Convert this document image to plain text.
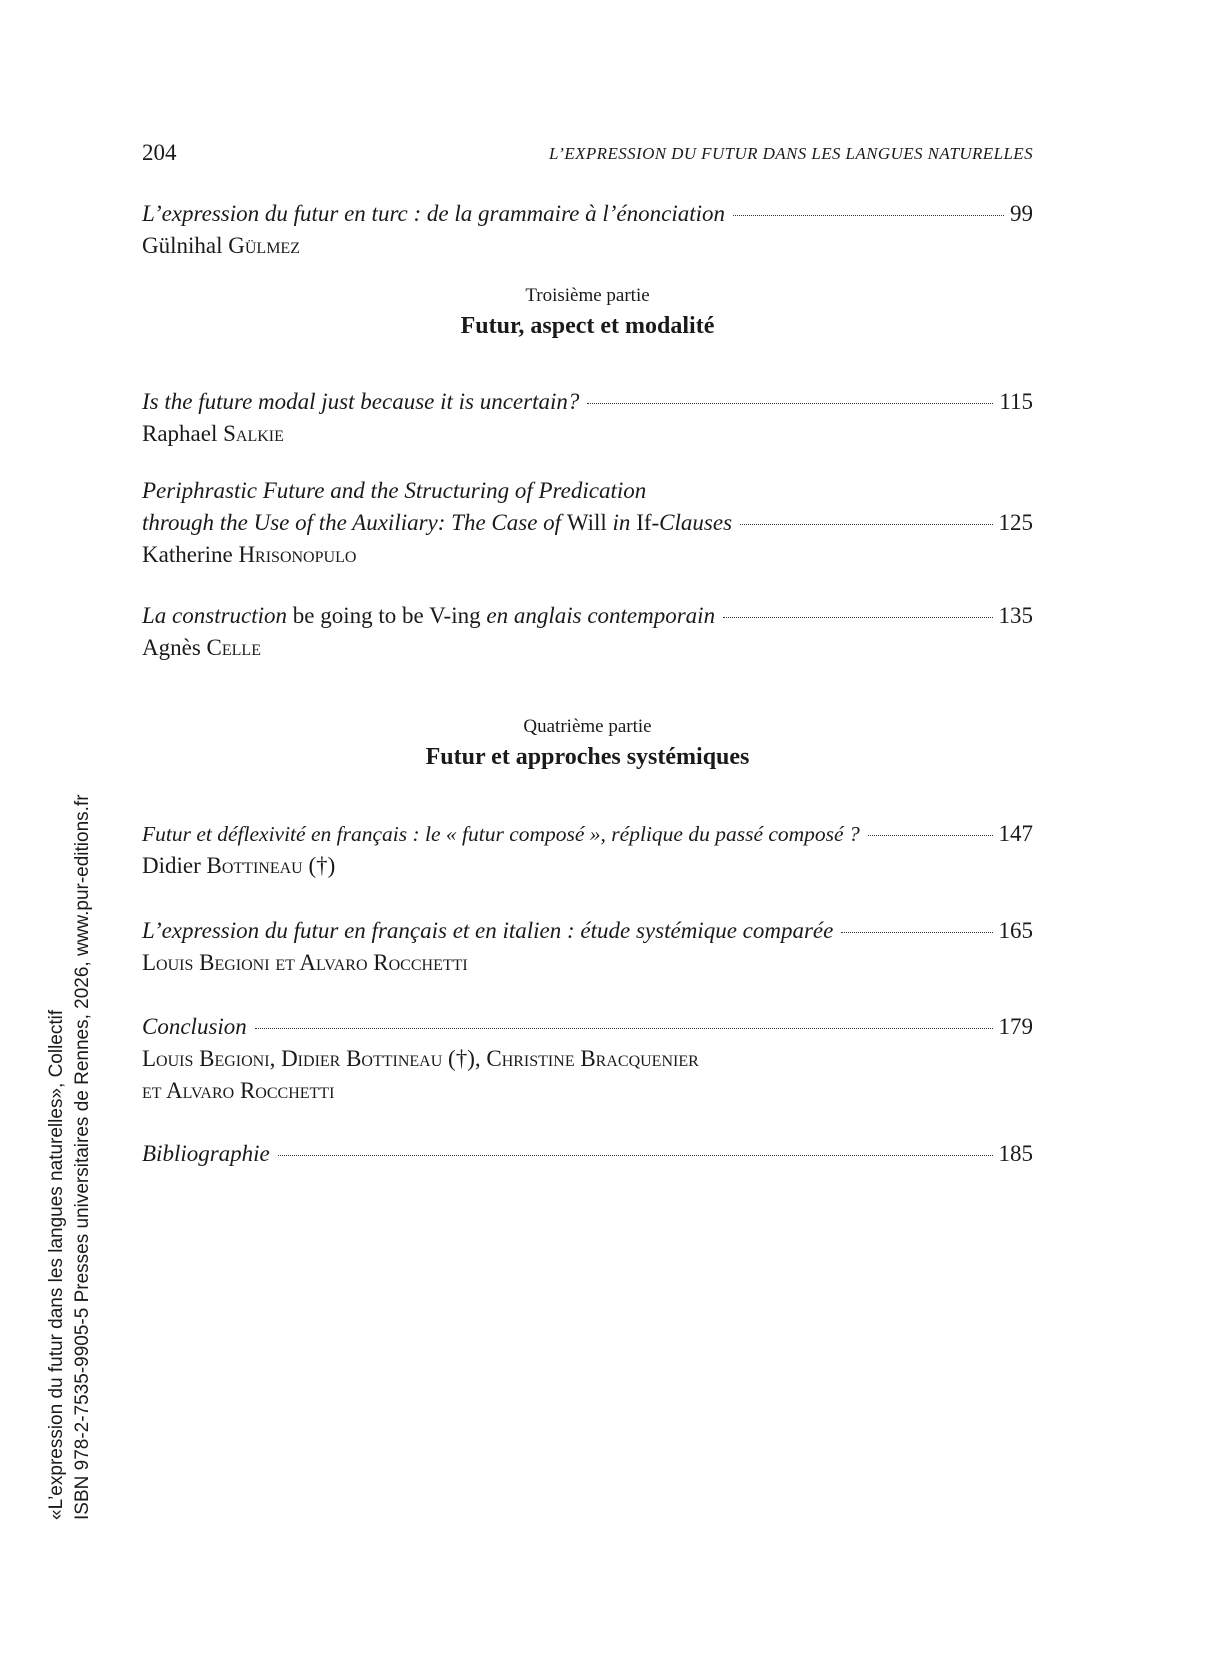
204	L’EXPRESSION DU FUTUR DANS LES LANGUES NATURELLES
L’expression du futur en turc : de la grammaire à l’énonciation	99
Gülnihal Gülmez
Troisième partie
Futur, aspect et modalité
Is the future modal just because it is uncertain?	115
Raphael Salkie
Periphrastic Future and the Structuring of Predication
through the Use of the Auxiliary: The Case of Will in If-Clauses	125
Katherine Hrisonopulo
La construction be going to be V-ing en anglais contemporain	135
Agnès Celle
Quatrième partie
Futur et approches systémiques
Futur et déflexivité en français : le « futur composé », réplique du passé composé ?	147
Didier Bottineau (†)
L’expression du futur en français et en italien : étude systémique comparée	165
Louis Begioni et Alvaro Rocchetti
Conclusion	179
Louis Begioni, Didier Bottineau (†), Christine Bracquenier
et Alvaro Rocchetti
Bibliographie	185
«L’expression du futur dans les langues naturelles», Collectif ISBN 978-2-7535-9905-5 Presses universitaires de Rennes, 2026, www.pur-editions.fr
